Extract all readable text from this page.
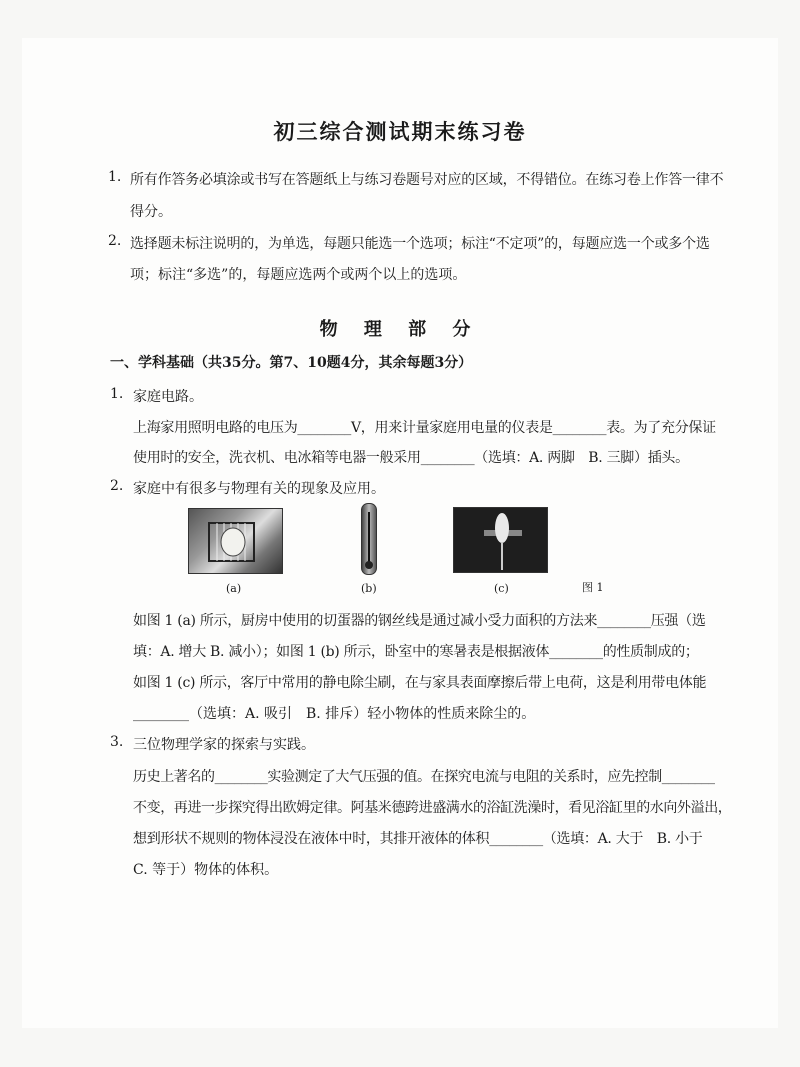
初三综合测试期末练习卷
1. 所有作答务必填涂或书写在答题纸上与练习卷题号对应的区域，不得错位。在练习卷上作答一律不
得分。
2. 选择题未标注说明的，为单选，每题只能选一个选项；标注“不定项”的，每题应选一个或多个选
项；标注“多选”的，每题应选两个或两个以上的选项。
物 理 部 分
一、学科基础（共35分。第7、10题4分，其余每题3分）
1. 家庭电路。
上海家用照明电路的电压为________V，用来计量家庭用电量的仪表是________表。为了充分保证
使用时的安全，洗衣机、电冰箱等电器一般采用________（选填：A. 两脚　B. 三脚）插头。
2. 家庭中有很多与物理有关的现象及应用。
(a)	(b)	(c)	图 1
如图 1 (a) 所示，厨房中使用的切蛋器的钢丝线是通过减小受力面积的方法来________压强（选
填：A. 增大 B. 减小）；如图 1 (b) 所示，卧室中的寒暑表是根据液体________的性质制成的；
如图 1 (c) 所示，客厅中常用的静电除尘刷，在与家具表面摩擦后带上电荷，这是利用带电体能
________（选填：A. 吸引　B. 排斥）轻小物体的性质来除尘的。
3. 三位物理学家的探索与实践。
历史上著名的________实验测定了大气压强的值。在探究电流与电阻的关系时，应先控制________
不变，再进一步探究得出欧姆定律。阿基米德跨进盛满水的浴缸洗澡时，看见浴缸里的水向外溢出，
想到形状不规则的物体浸没在液体中时，其排开液体的体积________（选填：A. 大于　B. 小于
C. 等于）物体的体积。
